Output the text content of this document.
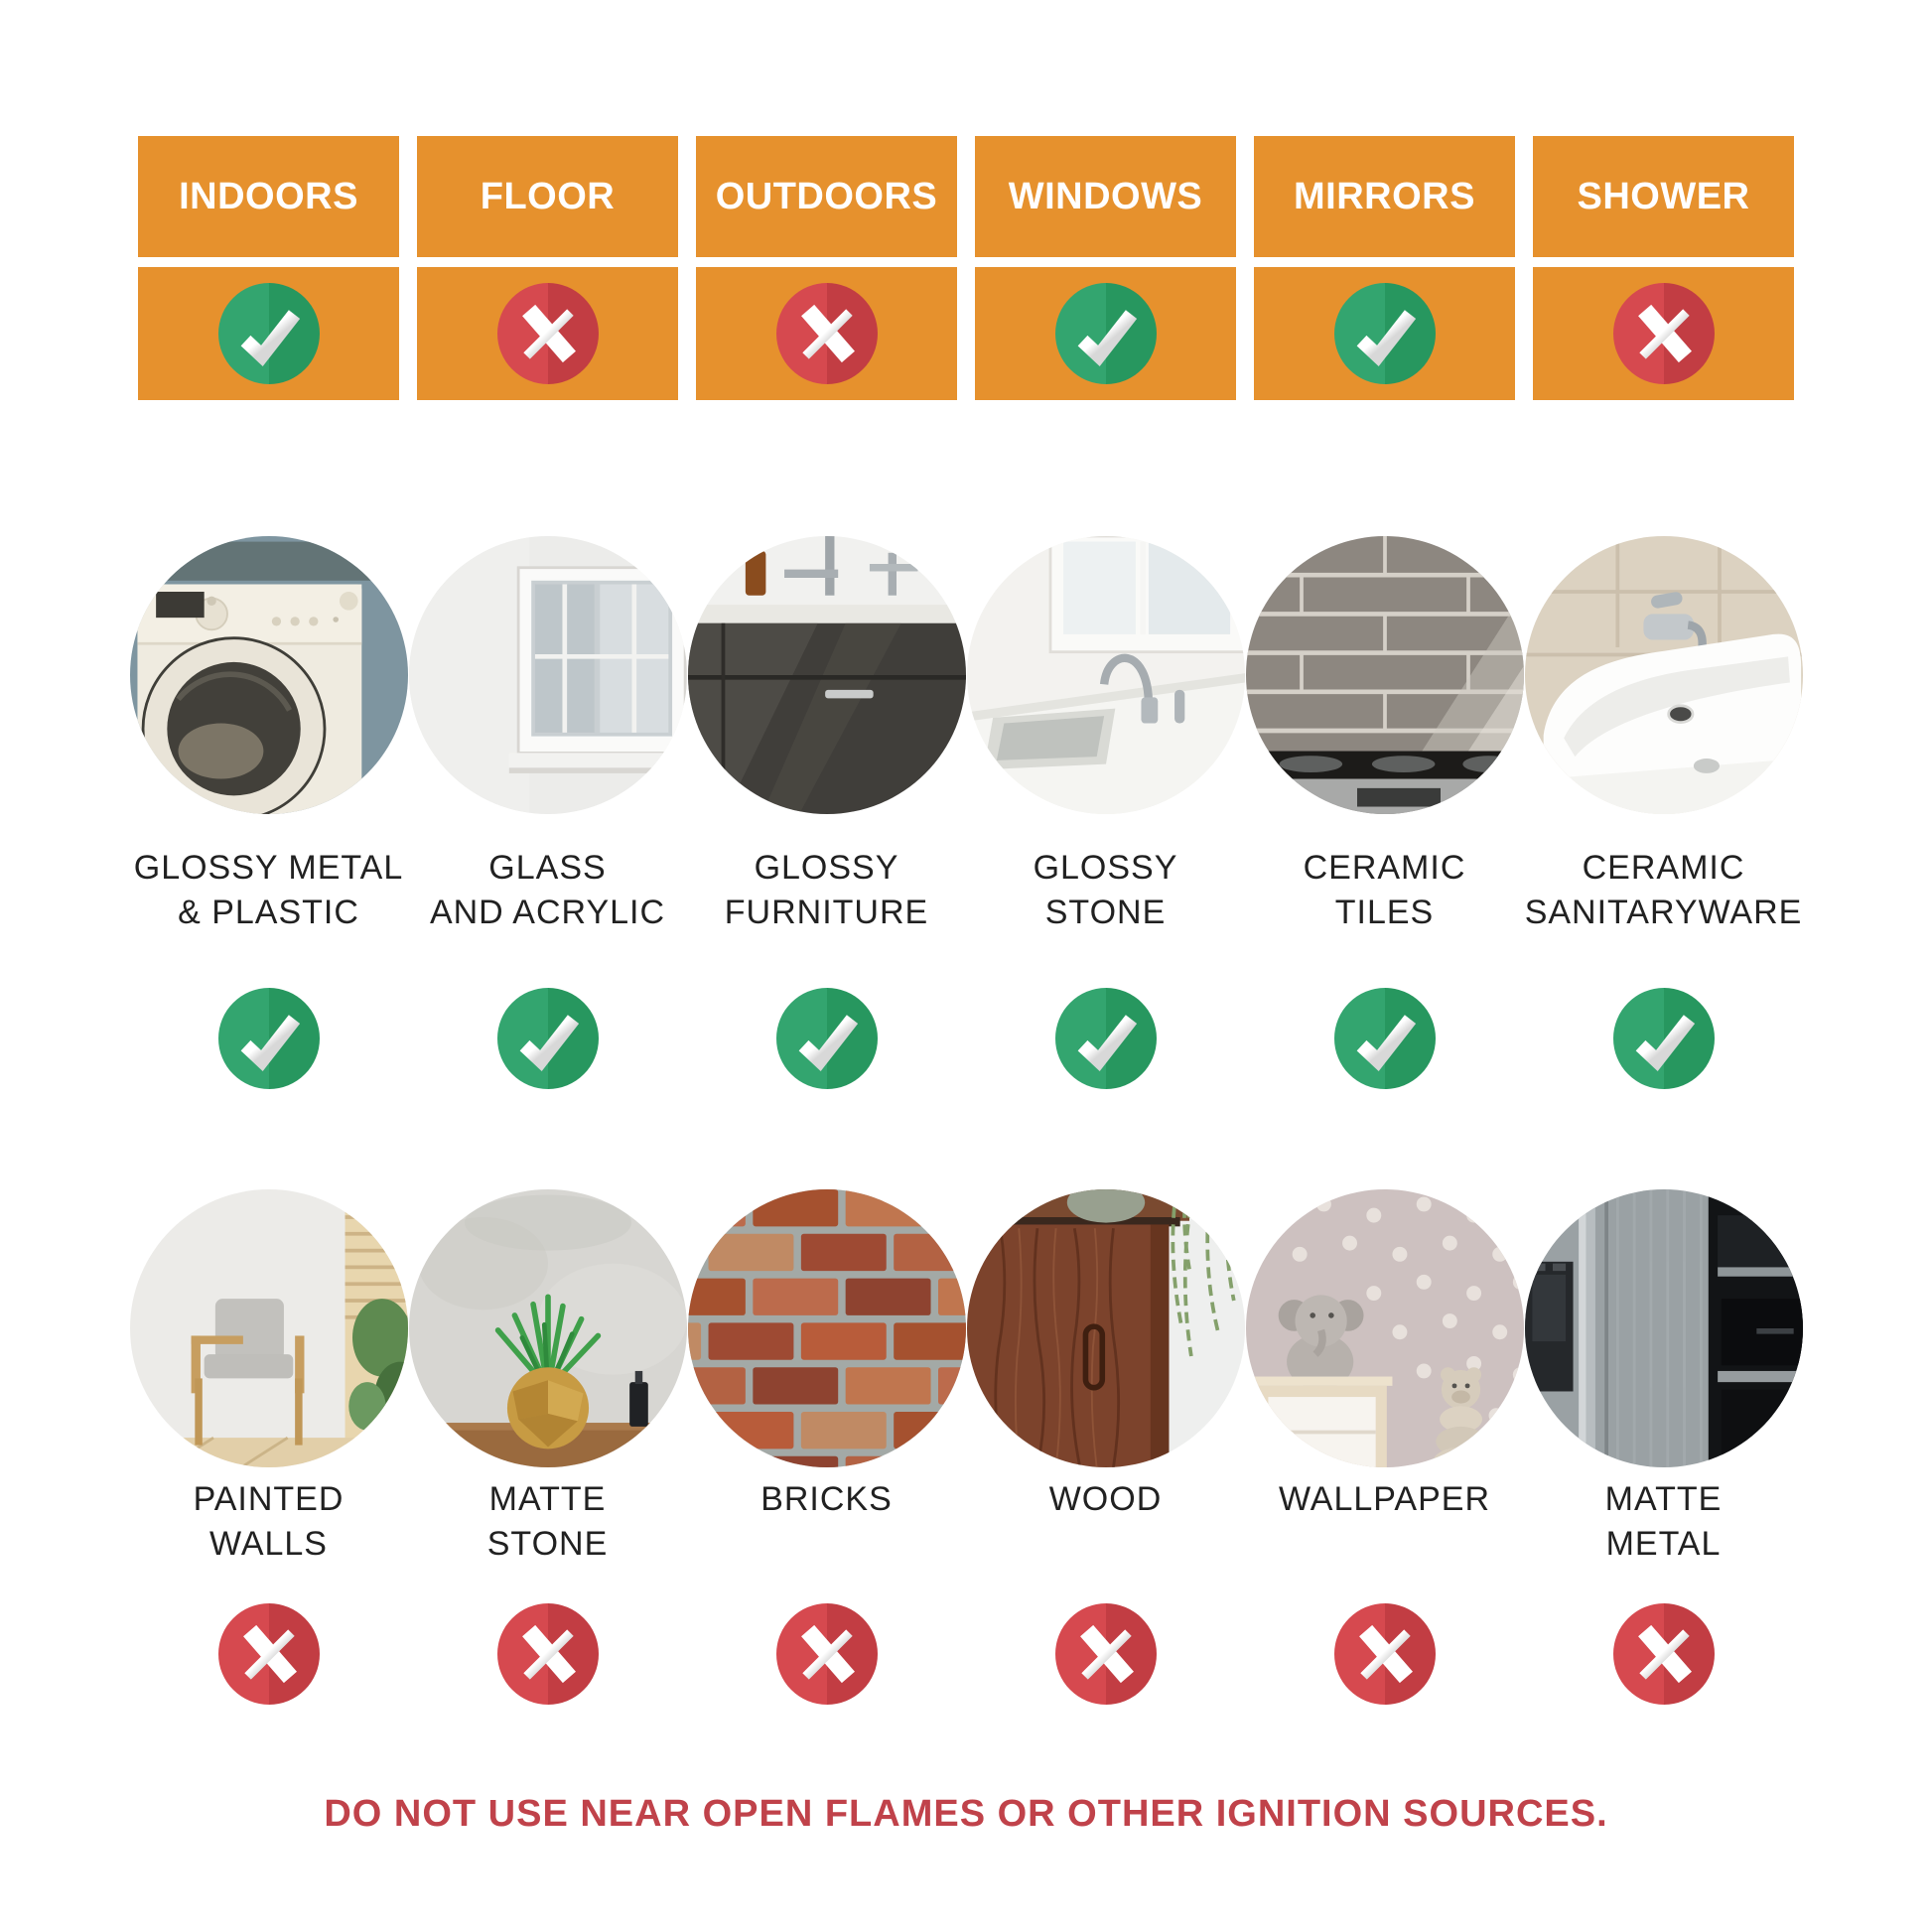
INDOORS	FLOOR	OUTDOORS	WINDOWS	MIRRORS	SHOWER
GLOSSY METAL
& PLASTIC
GLASS
AND ACRYLIC
GLOSSY
FURNITURE
GLOSSY
STONE
CERAMIC
TILES
CERAMIC
SANITARYWARE
PAINTED
WALLS
MATTE
STONE
BRICKS	WOOD	WALLPAPER	MATTE
METAL
DO NOT USE NEAR OPEN FLAMES OR OTHER IGNITION SOURCES.
